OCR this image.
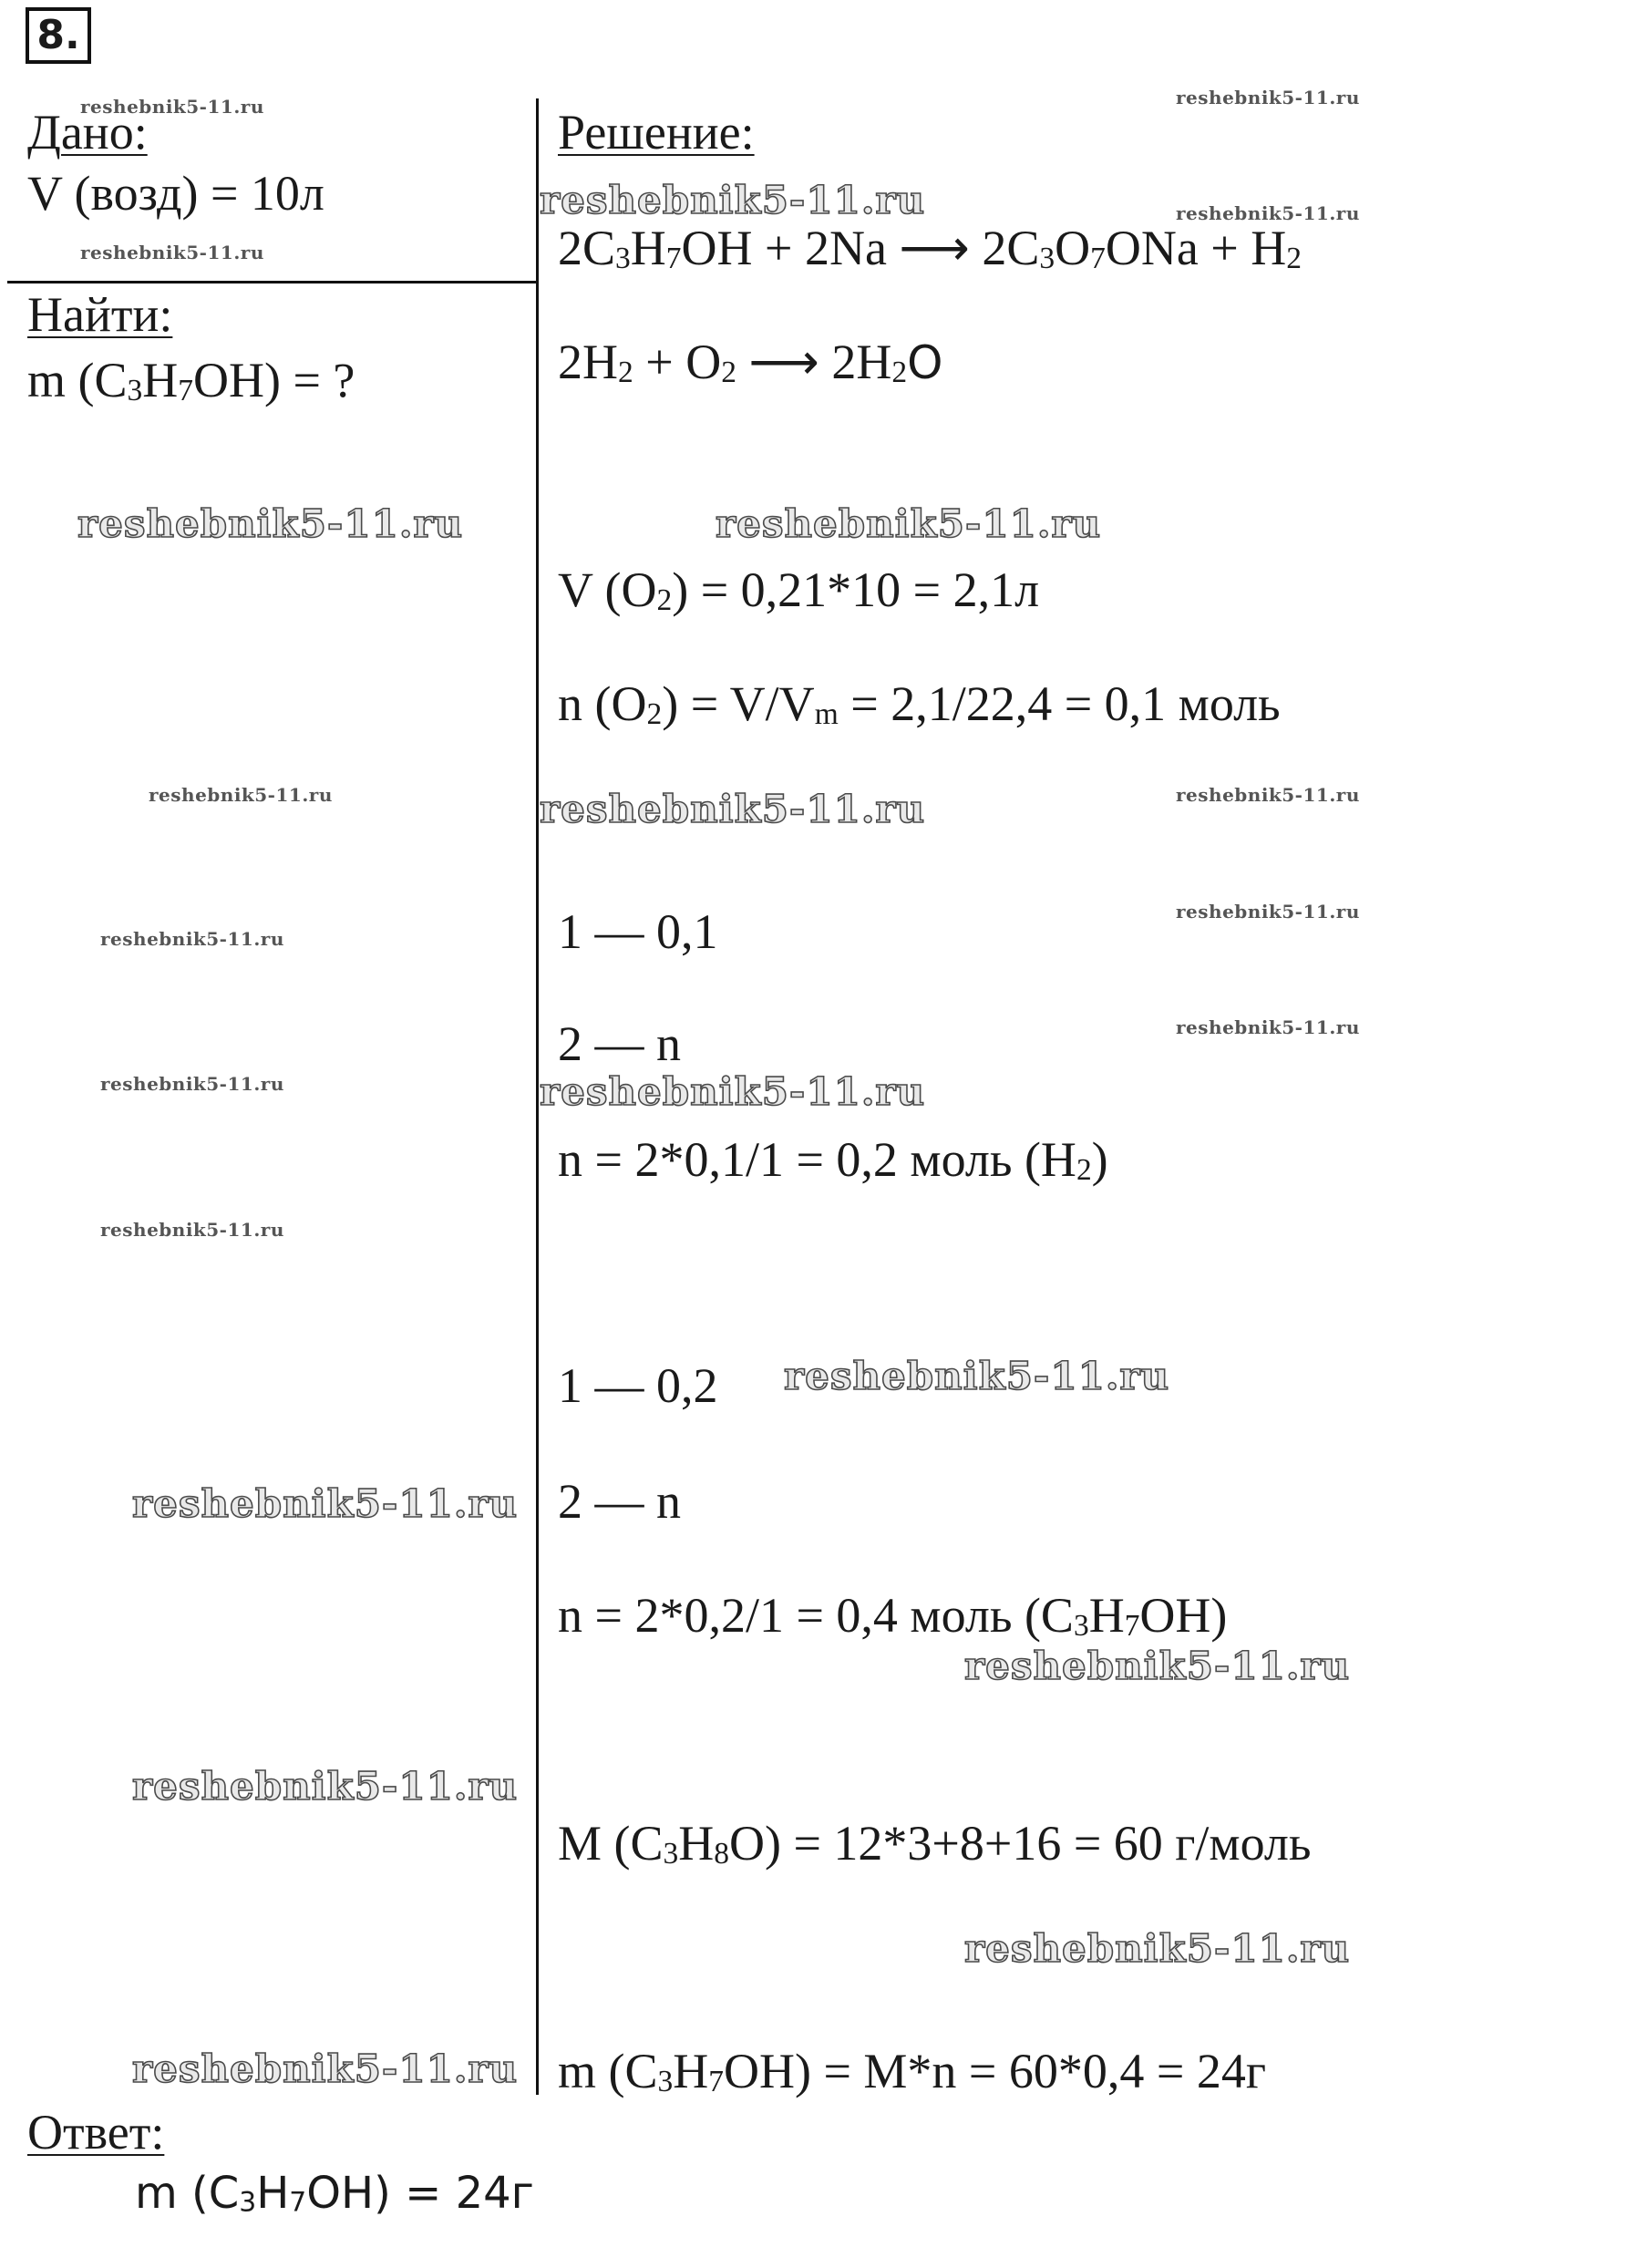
8.
Дано:
V (возд) = 10л
Найти:
m $(C_3H_7OH)$ = ?
Решение:
$2C_3H_7OH + 2Na$ ⟶ $2C_3O_7ONa + H_2$
$2H_2 + O_2$ ⟶ $2H_2O$
V $(O_2) = 0,21*10 = 2,1л$
n $(O_2) = V/V_m = 2,1/22,4 = 0,1$ моль
1 — 0,1
2 — n
n = 2*0,1/1 = 0,2 моль $(H_2)$
1 — 0,2
2 — n
n = 2*0,2/1 = 0,4 моль $(C_3H_7OH)$
M $(C_3H_8O) = 12*3+8+16 = 60$ г/моль
m $(C_3H_7OH) = M*n = 60*0,4 = 24г$
Ответ:
m $(C_3H_7OH) = 24г$
reshebnik5-11.ru	reshebnik5-11.ru
reshebnik5-11.ru
reshebnik5-11.ru
reshebnik5-11.ru	reshebnik5-11.ru
reshebnik5-11.ru
reshebnik5-11.ru
reshebnik5-11.ru
reshebnik5-11.ru
reshebnik5-11.ru
reshebnik5-11.ru
reshebnik5-11.ru	reshebnik5-11.ru
reshebnik5-11.ru
reshebnik5-11.ru
reshebnik5-11.ru
reshebnik5-11.ru
reshebnik5-11.ru
reshebnik5-11.ru
reshebnik5-11.ru
reshebnik5-11.ru
